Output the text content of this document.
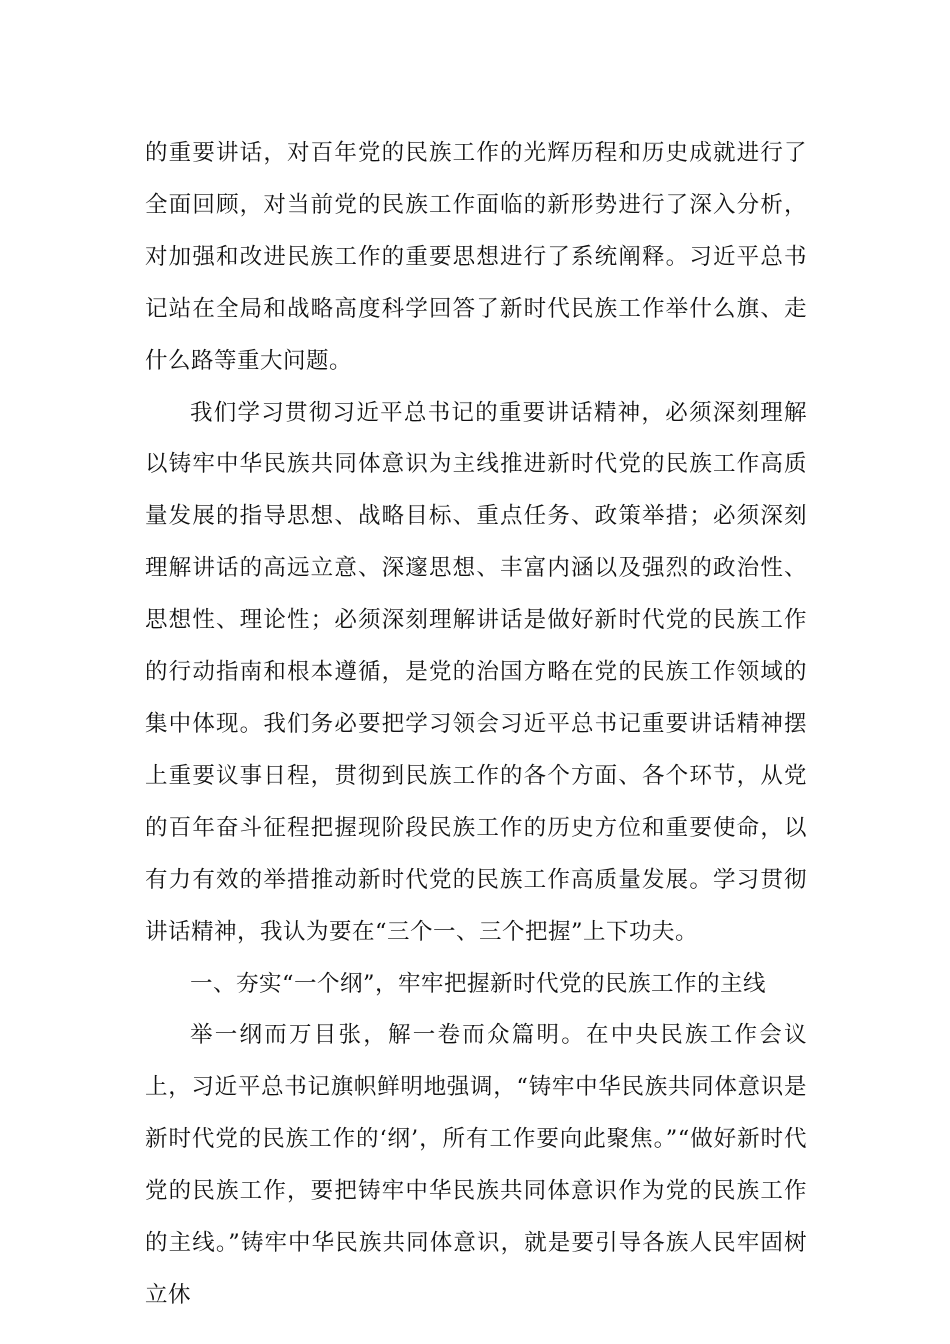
的重要讲话，对百年党的民族工作的光辉历程和历史成就进行了全面回顾，对当前党的民族工作面临的新形势进行了深入分析，对加强和改进民族工作的重要思想进行了系统阐释。习近平总书记站在全局和战略高度科学回答了新时代民族工作举什么旗、走什么路等重大问题。

我们学习贯彻习近平总书记的重要讲话精神，必须深刻理解以铸牢中华民族共同体意识为主线推进新时代党的民族工作高质量发展的指导思想、战略目标、重点任务、政策举措；必须深刻理解讲话的高远立意、深邃思想、丰富内涵以及强烈的政治性、思想性、理论性；必须深刻理解讲话是做好新时代党的民族工作的行动指南和根本遵循，是党的治国方略在党的民族工作领域的集中体现。我们务必要把学习领会习近平总书记重要讲话精神摆上重要议事日程，贯彻到民族工作的各个方面、各个环节，从党的百年奋斗征程把握现阶段民族工作的历史方位和重要使命，以有力有效的举措推动新时代党的民族工作高质量发展。学习贯彻讲话精神，我认为要在“三个一、三个把握”上下功夫。

一、夯实“一个纲”，牢牢把握新时代党的民族工作的主线

举一纲而万目张，解一卷而众篇明。在中央民族工作会议上，习近平总书记旗帜鲜明地强调，“铸牢中华民族共同体意识是新时代党的民族工作的‘纲’，所有工作要向此聚焦。”“做好新时代党的民族工作，要把铸牢中华民族共同体意识作为党的民族工作的主线。”铸牢中华民族共同体意识，就是要引导各族人民牢固树立休
